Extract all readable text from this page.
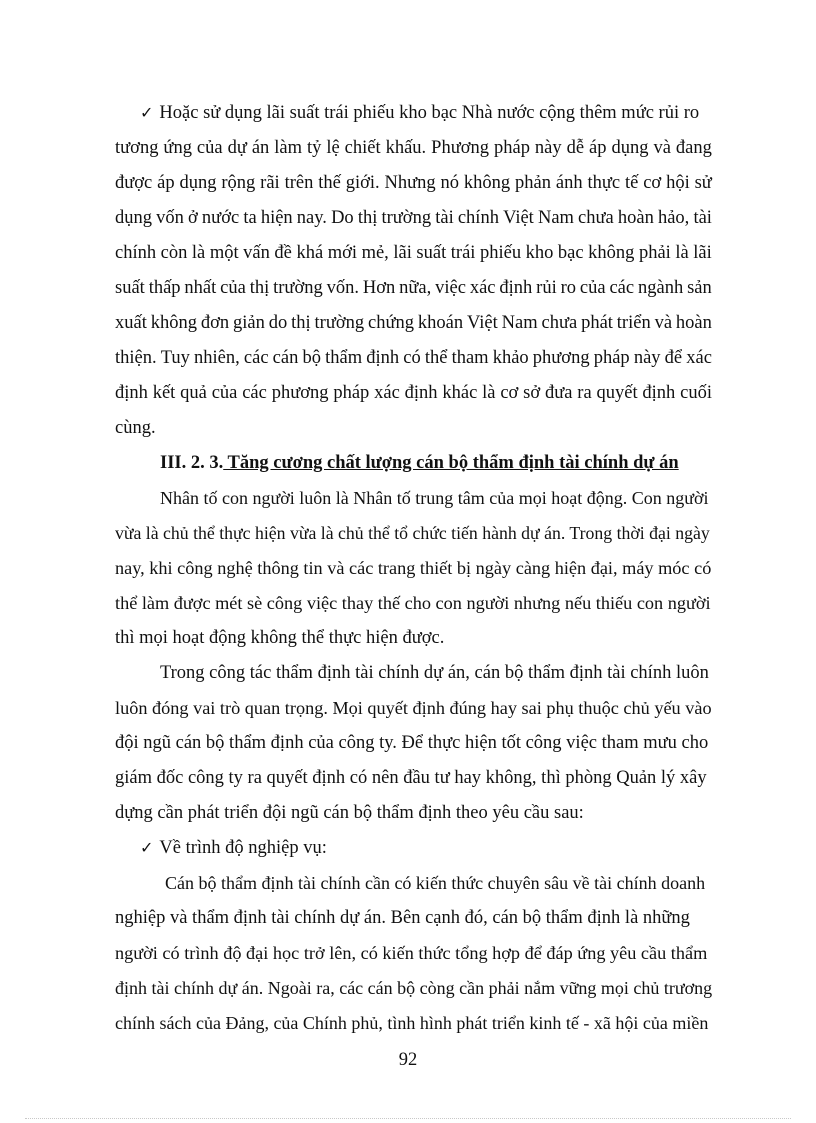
✓ Hoặc sử dụng lãi suất trái phiếu kho bạc Nhà nước cộng thêm mức rủi ro
tương ứng của dự án làm tỷ lệ chiết khấu. Phương pháp này dễ áp dụng và đang
được áp dụng rộng rãi trên thế giới. Nhưng nó không phản ánh thực tế cơ hội sử
dụng vốn ở nước ta hiện nay. Do thị trường tài chính Việt Nam chưa hoàn hảo, tài
chính còn là một vấn đề khá mới mẻ, lãi suất trái phiếu kho bạc không phải là lãi
suất thấp nhất của thị trường vốn. Hơn nữa, việc xác định rủi ro của các ngành sản
xuất không đơn giản do thị trường chứng khoán Việt Nam chưa phát triển và hoàn
thiện. Tuy nhiên, các cán bộ thẩm định có thể tham khảo phương pháp này để xác
định kết quả của các phương pháp xác định khác là cơ sở đưa ra quyết định cuối
cùng.
III. 2. 3. Tăng cương chất lượng cán bộ thẩm định tài chính dự án
Nhân tố con người luôn là Nhân tố trung tâm của mọi hoạt động. Con người
vừa là chủ thể thực hiện vừa là chủ thể tổ chức tiến hành dự án. Trong thời đại ngày
nay, khi công nghệ thông tin và các trang thiết bị ngày càng hiện đại, máy móc có
thể làm được mét sè công việc thay thế cho con người nhưng nếu thiếu con người
thì mọi hoạt động không thể thực hiện được.
Trong công tác thẩm định tài chính dự án, cán bộ thẩm định tài chính luôn
luôn đóng vai trò quan trọng. Mọi quyết định đúng hay sai phụ thuộc chủ yếu vào
đội ngũ cán bộ thẩm định của công ty. Để thực hiện tốt công việc tham mưu cho
giám đốc công ty ra quyết định có nên đầu tư hay không, thì phòng Quản lý xây
dựng cần phát triển đội ngũ cán bộ thẩm định theo yêu cầu sau:
✓ Về trình độ nghiệp vụ:
Cán bộ thẩm định tài chính cần có kiến thức chuyên sâu về tài chính doanh
nghiệp và thẩm định tài chính dự án. Bên cạnh đó, cán bộ thẩm định là những
người có trình độ đại học trở lên, có kiến thức tổng hợp để đáp ứng yêu cầu thẩm
định tài chính dự án. Ngoài ra, các cán bộ còng cần phải nắm vững mọi chủ trương
chính sách của Đảng, của Chính phủ, tình hình phát triển kinh tế - xã hội của miền
92
